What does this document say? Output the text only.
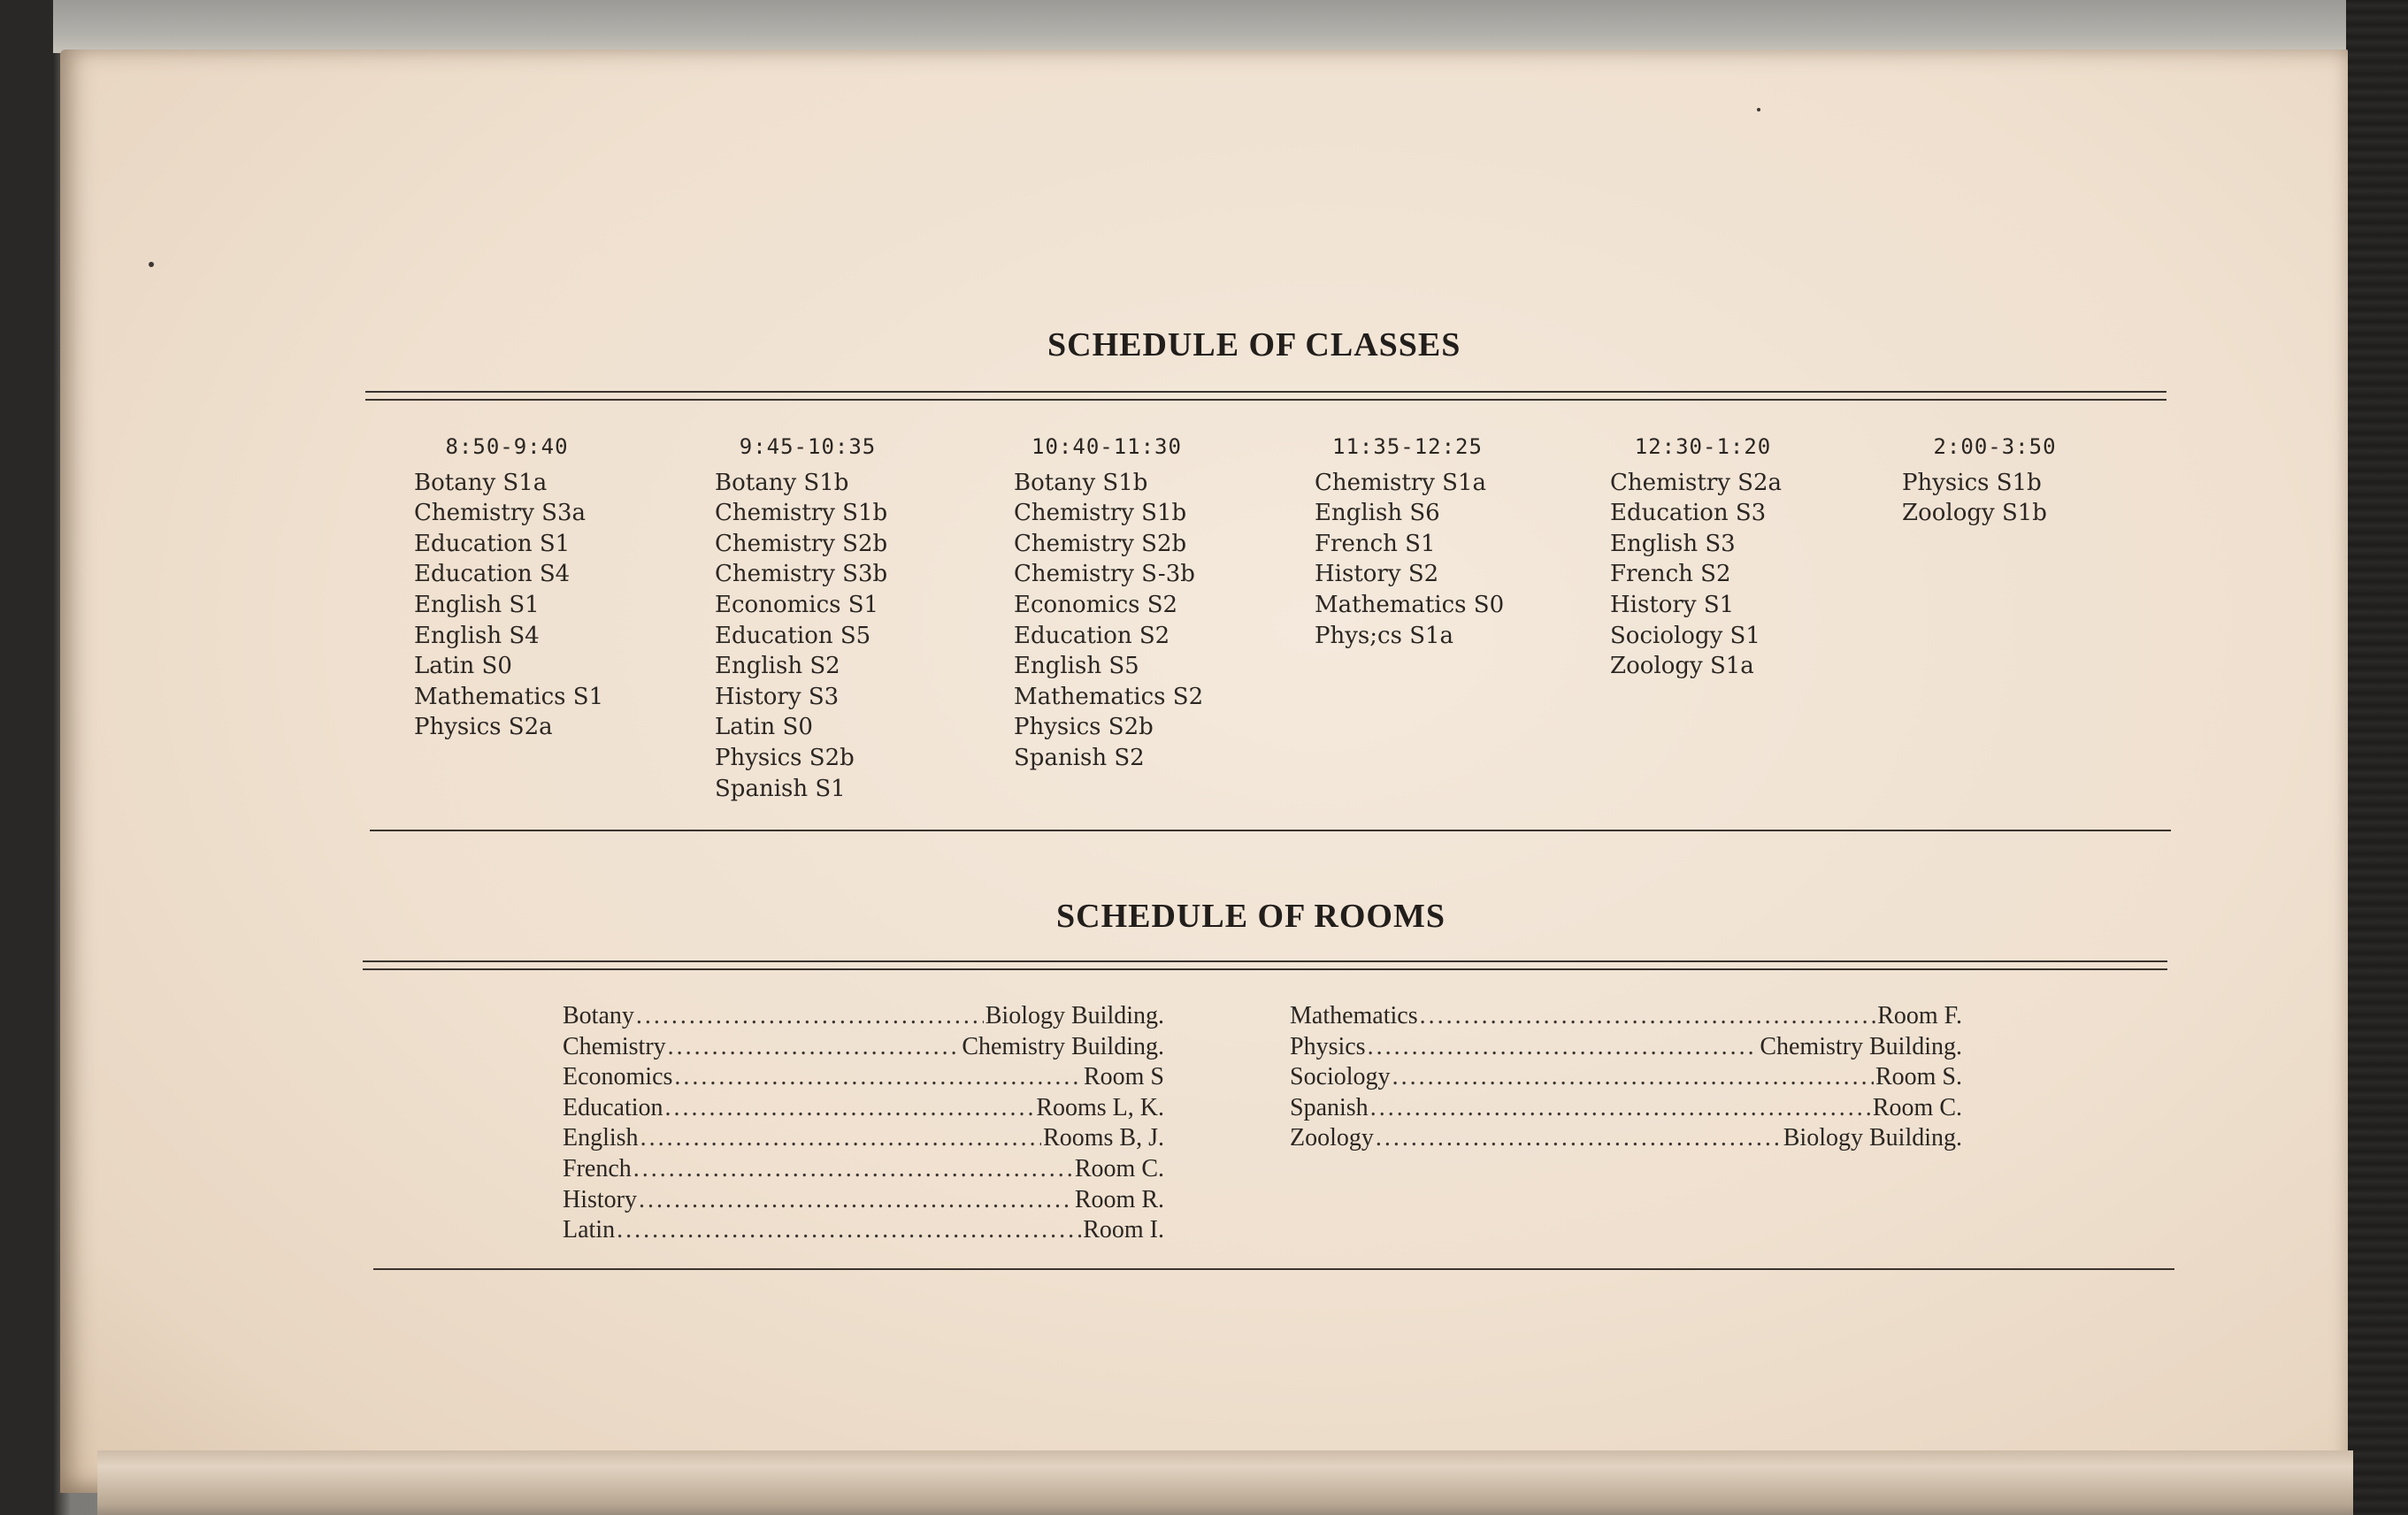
SCHEDULE OF CLASSES
8:50-9:40
Botany S1a
Chemistry S3a
Education S1
Education S4
English S1
English S4
Latin S0
Mathematics S1
Physics S2a
9:45-10:35
Botany S1b
Chemistry S1b
Chemistry S2b
Chemistry S3b
Economics S1
Education S5
English S2
History S3
Latin S0
Physics S2b
Spanish S1
10:40-11:30
Botany S1b
Chemistry S1b
Chemistry S2b
Chemistry S-3b
Economics S2
Education S2
English S5
Mathematics S2
Physics S2b
Spanish S2
11:35-12:25
Chemistry S1a
English S6
French S1
History S2
Mathematics S0
Phys;cs S1a
12:30-1:20
Chemistry S2a
Education S3
English S3
French S2
History S1
Sociology S1
Zoology S1a
2:00-3:50
Physics S1b
Zoology S1b
SCHEDULE OF ROOMS
Botany .....	Biology Building.
Chemistry .....	Chemistry Building.
Economics .....	Room S
Education .....	Rooms L, K.
English .....	Rooms B, J.
French .....	Room C.
History .....	Room R.
Latin .....	Room I.
Mathematics .....	Room F.
Physics .....	Chemistry Building.
Sociology .....	Room S.
Spanish .....	Room C.
Zoology .....	Biology Building.
